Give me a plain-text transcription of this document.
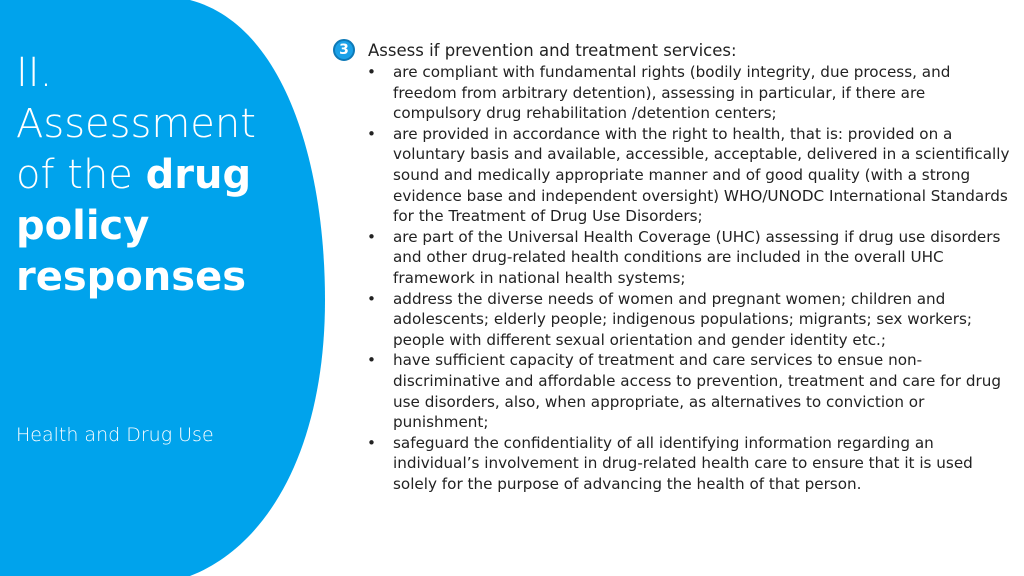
II.
Assessment
of the drug
policy
responses

Health and Drug Use
3	Assess if prevention and treatment services:
• are compliant with fundamental rights (bodily integrity, due process, and freedom from arbitrary detention), assessing in particular, if there are compulsory drug rehabilitation /detention centers;
• are provided in accordance with the right to health, that is: provided on a voluntary basis and available, accessible, acceptable, delivered in a scientifically sound and medically appropriate manner and of good quality (with a strong evidence base and independent oversight) WHO/UNODC International Standards for the Treatment of Drug Use Disorders;
• are part of the Universal Health Coverage (UHC) assessing if drug use disorders and other drug-related health conditions are included in the overall UHC framework in national health systems;
• address the diverse needs of women and pregnant women; children and adolescents; elderly people; indigenous populations; migrants; sex workers; people with different sexual orientation and gender identity etc.;
• have sufficient capacity of treatment and care services to ensue non-discriminative and affordable access to prevention, treatment and care for drug use disorders, also, when appropriate, as alternatives to conviction or punishment;
• safeguard the confidentiality of all identifying information regarding an individual’s involvement in drug-related health care to ensure that it is used solely for the purpose of advancing the health of that person.
